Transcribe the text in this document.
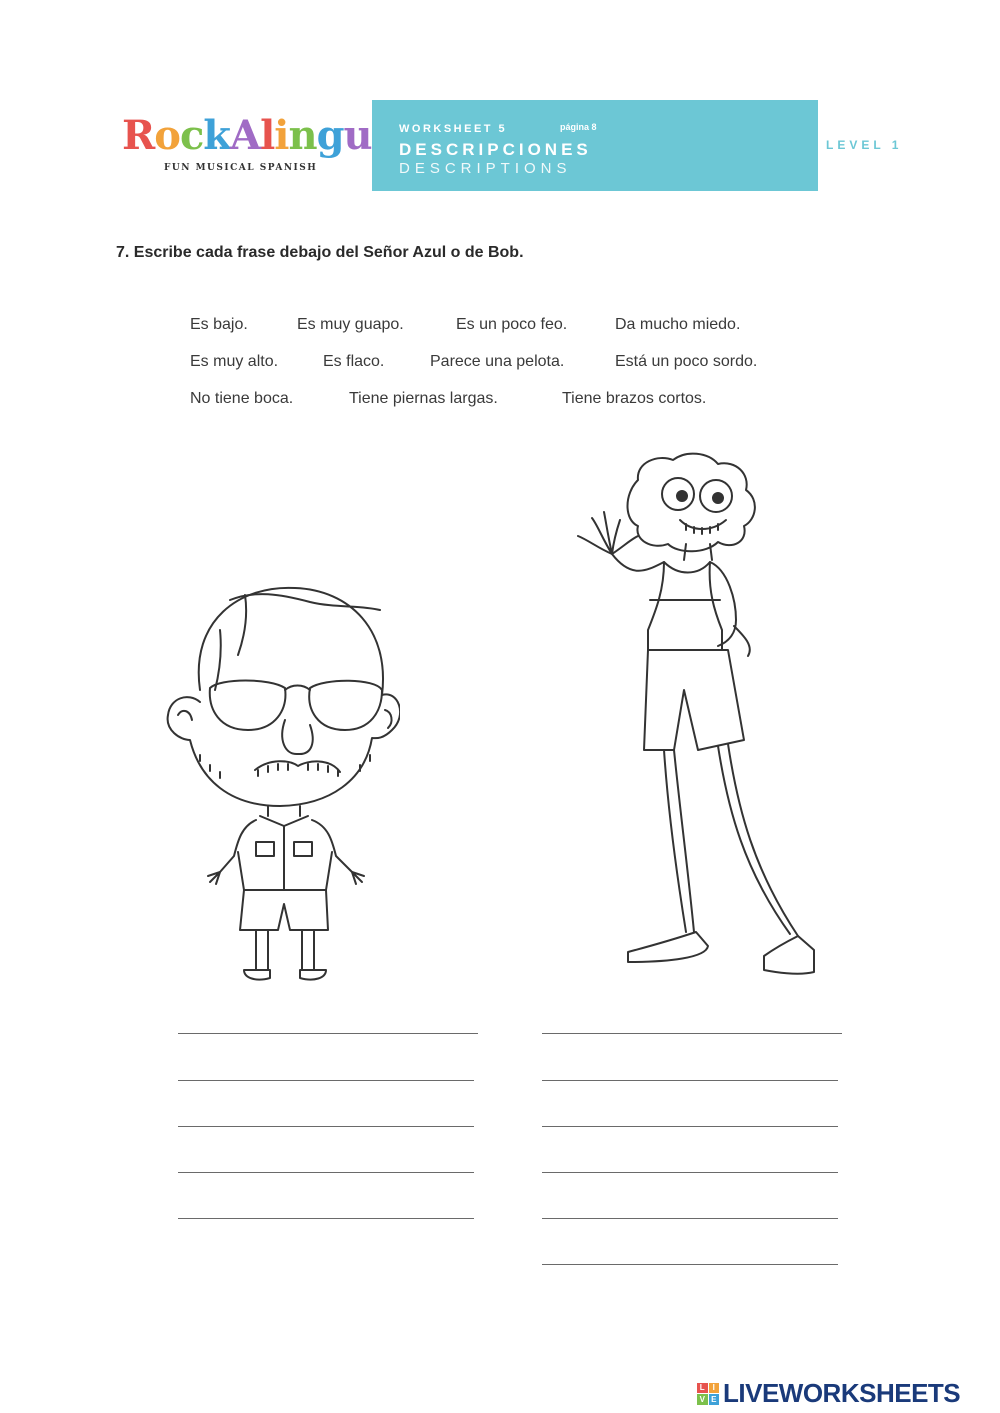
RockAlingu
FUN MUSICAL SPANISH
WORKSHEET 5	página 8
DESCRIPCIONES
DESCRIPTIONS
LEVEL 1
7. Escribe cada frase debajo del Señor Azul o de Bob.
Es bajo.	Es muy guapo.	Es un poco feo.	Da mucho miedo.
Es muy alto.	Es flaco.	Parece una pelota.	Está un poco sordo.
No tiene boca.	Tiene piernas largas.	Tiene brazos cortos.
L I
V E LIVEWORKSHEETS
